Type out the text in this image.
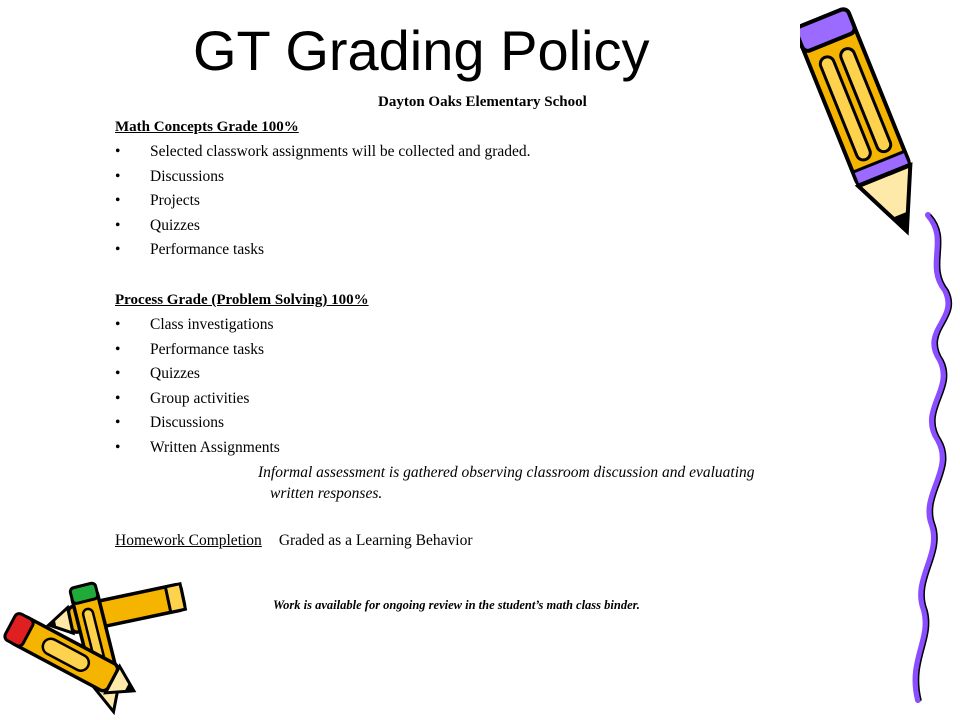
GT Grading Policy
Dayton Oaks Elementary School
Math Concepts Grade 100%
• Selected classwork assignments will be collected and graded.
• Discussions
• Projects
• Quizzes
• Performance tasks
Process Grade (Problem Solving) 100%
• Class investigations
• Performance tasks
• Quizzes
• Group activities
• Discussions
• Written Assignments
Informal assessment is gathered observing classroom discussion and evaluating
written responses.
Homework Completion Graded as a Learning Behavior
Work is available for ongoing review in the student’s math class binder.
